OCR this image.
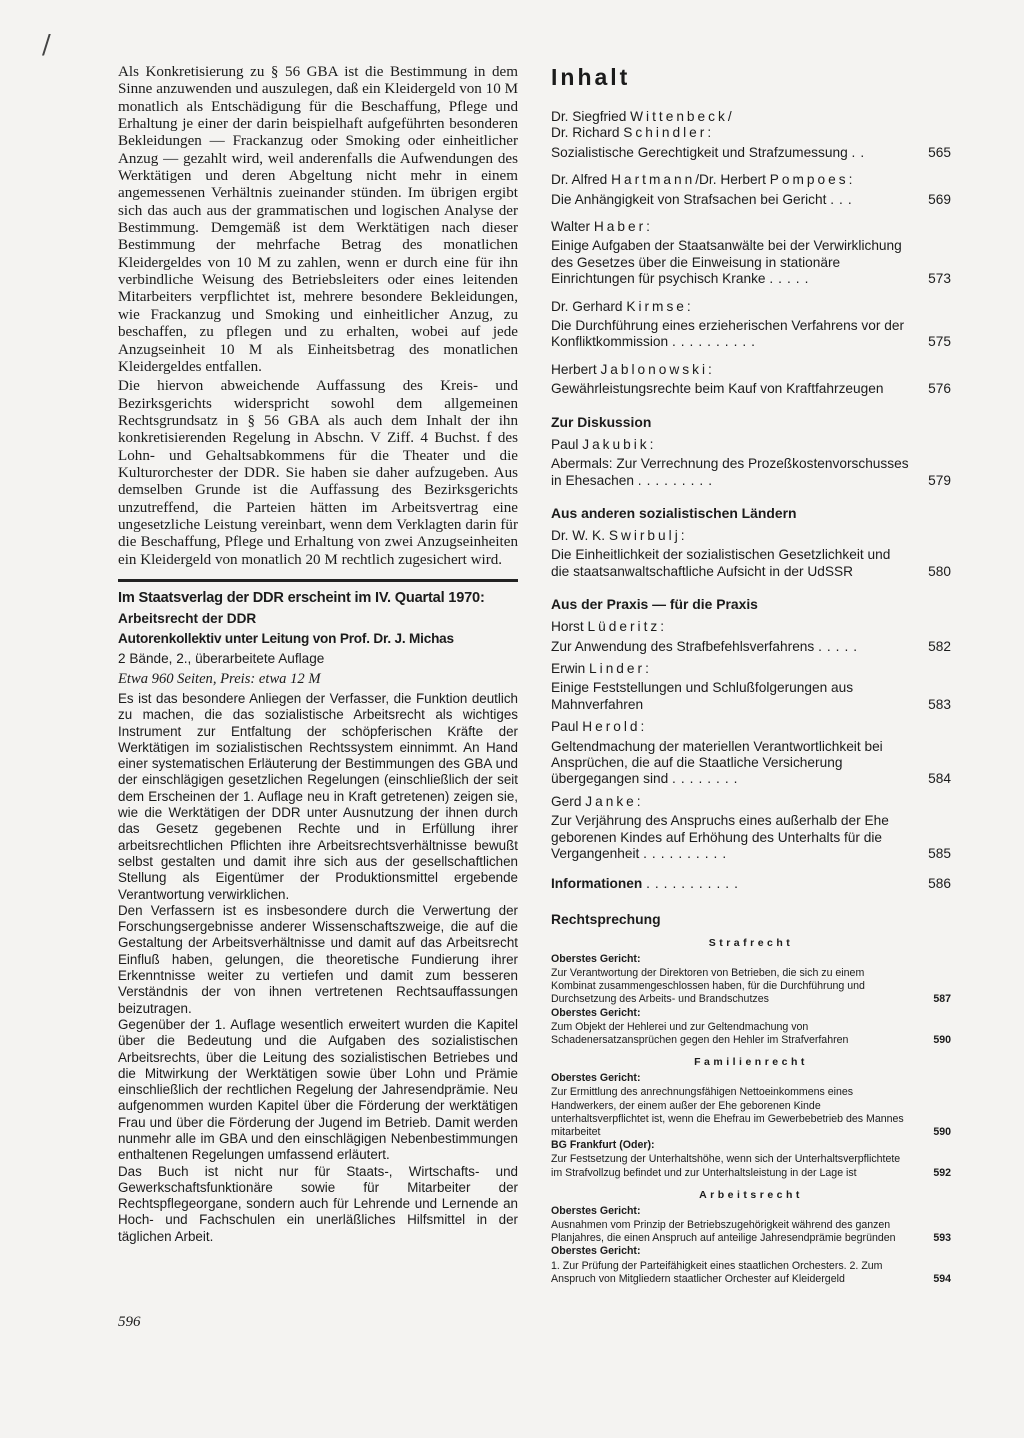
/

Als Konkretisierung zu § 56 GBA ist die Bestimmung in dem Sinne anzuwenden und auszulegen, daß ein Kleidergeld von 10 M monatlich als Entschädigung für die Beschaffung, Pflege und Erhaltung je einer der darin beispielhaft aufgeführten besonderen Bekleidungen — Frackanzug oder Smoking oder einheitlicher Anzug — gezahlt wird, weil anderenfalls die Aufwendungen des Werktätigen und deren Abgeltung nicht mehr in einem angemessenen Verhältnis zueinander stünden. Im übrigen ergibt sich das auch aus der grammatischen und logischen Analyse der Bestimmung. Demgemäß ist dem Werktätigen nach dieser Bestimmung der mehrfache Betrag des monatlichen Kleidergeldes von 10 M zu zahlen, wenn er durch eine für ihn verbindliche Weisung des Betriebsleiters oder eines leitenden Mitarbeiters verpflichtet ist, mehrere besondere Bekleidungen, wie Frackanzug und Smoking und einheitlicher Anzug, zu beschaffen, zu pflegen und zu erhalten, wobei auf jede Anzugseinheit 10 M als Einheitsbetrag des monatlichen Kleidergeldes entfallen.

Die hiervon abweichende Auffassung des Kreis- und Bezirksgerichts widerspricht sowohl dem allgemeinen Rechtsgrundsatz in § 56 GBA als auch dem Inhalt der ihn konkretisierenden Regelung in Abschn. V Ziff. 4 Buchst. f des Lohn- und Gehaltsabkommens für die Theater und die Kulturorchester der DDR. Sie haben sie daher aufzugeben. Aus demselben Grunde ist die Auffassung des Bezirksgerichts unzutreffend, die Parteien hätten im Arbeitsvertrag eine ungesetzliche Leistung vereinbart, wenn dem Verklagten darin für die Beschaffung, Pflege und Erhaltung von zwei Anzugseinheiten ein Kleidergeld von monatlich 20 M rechtlich zugesichert wird.

Im Staatsverlag der DDR erscheint im IV. Quartal 1970:
Arbeitsrecht der DDR
Autorenkollektiv unter Leitung von Prof. Dr. J. Michas
2 Bände, 2., überarbeitete Auflage
Etwa 960 Seiten, Preis: etwa 12 M

Es ist das besondere Anliegen der Verfasser, die Funktion deutlich zu machen, die das sozialistische Arbeitsrecht als wichtiges Instrument zur Entfaltung der schöpferischen Kräfte der Werktätigen im sozialistischen Rechtssystem einnimmt. An Hand einer systematischen Erläuterung der Bestimmungen des GBA und der einschlägigen gesetzlichen Regelungen (einschließlich der seit dem Erscheinen der 1. Auflage neu in Kraft getretenen) zeigen sie, wie die Werktätigen der DDR unter Ausnutzung der ihnen durch das Gesetz gegebenen Rechte und in Erfüllung ihrer arbeitsrechtlichen Pflichten ihre Arbeitsrechtsverhältnisse bewußt selbst gestalten und damit ihre sich aus der gesellschaftlichen Stellung als Eigentümer der Produktionsmittel ergebende Verantwortung verwirklichen.

Den Verfassern ist es insbesondere durch die Verwertung der Forschungsergebnisse anderer Wissenschaftszweige, die auf die Gestaltung der Arbeitsverhältnisse und damit auf das Arbeitsrecht Einfluß haben, gelungen, die theoretische Fundierung ihrer Erkenntnisse weiter zu vertiefen und damit zum besseren Verständnis der von ihnen vertretenen Rechtsauffassungen beizutragen.

Gegenüber der 1. Auflage wesentlich erweitert wurden die Kapitel über die Bedeutung und die Aufgaben des sozialistischen Arbeitsrechts, über die Leitung des sozialistischen Betriebes und die Mitwirkung der Werktätigen sowie über Lohn und Prämie einschließlich der rechtlichen Regelung der Jahresendprämie. Neu aufgenommen wurden Kapitel über die Förderung der werktätigen Frau und über die Förderung der Jugend im Betrieb. Damit werden nunmehr alle im GBA und den einschlägigen Nebenbestimmungen enthaltenen Regelungen umfassend erläutert.

Das Buch ist nicht nur für Staats-, Wirtschafts- und Gewerkschaftsfunktionäre sowie für Mitarbeiter der Rechtspflegeorgane, sondern auch für Lehrende und Lernende an Hoch- und Fachschulen ein unerläßliches Hilfsmittel in der täglichen Arbeit.

596
Inhalt
Dr. Siegfried Wittenbeck/
Dr. Richard Schindler:
Sozialistische Gerechtigkeit und Strafzumessung ..	565
Dr. Alfred Hartmann/Dr. Herbert Pompoes:
Die Anhängigkeit von Strafsachen bei Gericht ...	569
Walter Haber:
Einige Aufgaben der Staatsanwälte bei der Verwirklichung des Gesetzes über die Einweisung in stationäre Einrichtungen für psychisch Kranke .....	573
Dr. Gerhard Kirmse:
Die Durchführung eines erzieherischen Verfahrens vor der Konfliktkommission ..........	575
Herbert Jablonowski:
Gewährleistungsrechte beim Kauf von Kraftfahrzeugen	576
Zur Diskussion
Paul Jakubik:
Abermals: Zur Verrechnung des Prozeßkostenvorschusses in Ehesachen .........	579
Aus anderen sozialistischen Ländern
Dr. W. K. Swirbulj:
Die Einheitlichkeit der sozialistischen Gesetzlichkeit und die staatsanwaltschaftliche Aufsicht in der UdSSR	580
Aus der Praxis — für die Praxis
Horst Lüderitz:
Zur Anwendung des Strafbefehlsverfahrens .....	582
Erwin Linder:
Einige Feststellungen und Schlußfolgerungen aus Mahnverfahren	583
Paul Herold:
Geltendmachung der materiellen Verantwortlichkeit bei Ansprüchen, die auf die Staatliche Versicherung übergegangen sind ........	584
Gerd Janke:
Zur Verjährung des Anspruchs eines außerhalb der Ehe geborenen Kindes auf Erhöhung des Unterhalts für die Vergangenheit ..........	585
Informationen ...........	586
Rechtsprechung
Strafrecht
Oberstes Gericht:
Zur Verantwortung der Direktoren von Betrieben, die sich zu einem Kombinat zusammengeschlossen haben, für die Durchführung und Durchsetzung des Arbeits- und Brandschutzes	587
Oberstes Gericht:
Zum Objekt der Hehlerei und zur Geltendmachung von Schadenersatzansprüchen gegen den Hehler im Strafverfahren	590
Familienrecht
Oberstes Gericht:
Zur Ermittlung des anrechnungsfähigen Nettoeinkommens eines Handwerkers, der einem außer der Ehe geborenen Kinde unterhaltsverpflichtet ist, wenn die Ehefrau im Gewerbebetrieb des Mannes mitarbeitet	590
BG Frankfurt (Oder):
Zur Festsetzung der Unterhaltshöhe, wenn sich der Unterhaltsverpflichtete im Strafvollzug befindet und zur Unterhaltsleistung in der Lage ist	592
Arbeitsrecht
Oberstes Gericht:
Ausnahmen vom Prinzip der Betriebszugehörigkeit während des ganzen Planjahres, die einen Anspruch auf anteilige Jahresendprämie begründen	593
Oberstes Gericht:
1. Zur Prüfung der Parteifähigkeit eines staatlichen Orchesters. 2. Zum Anspruch von Mitgliedern staatlicher Orchester auf Kleidergeld	594
